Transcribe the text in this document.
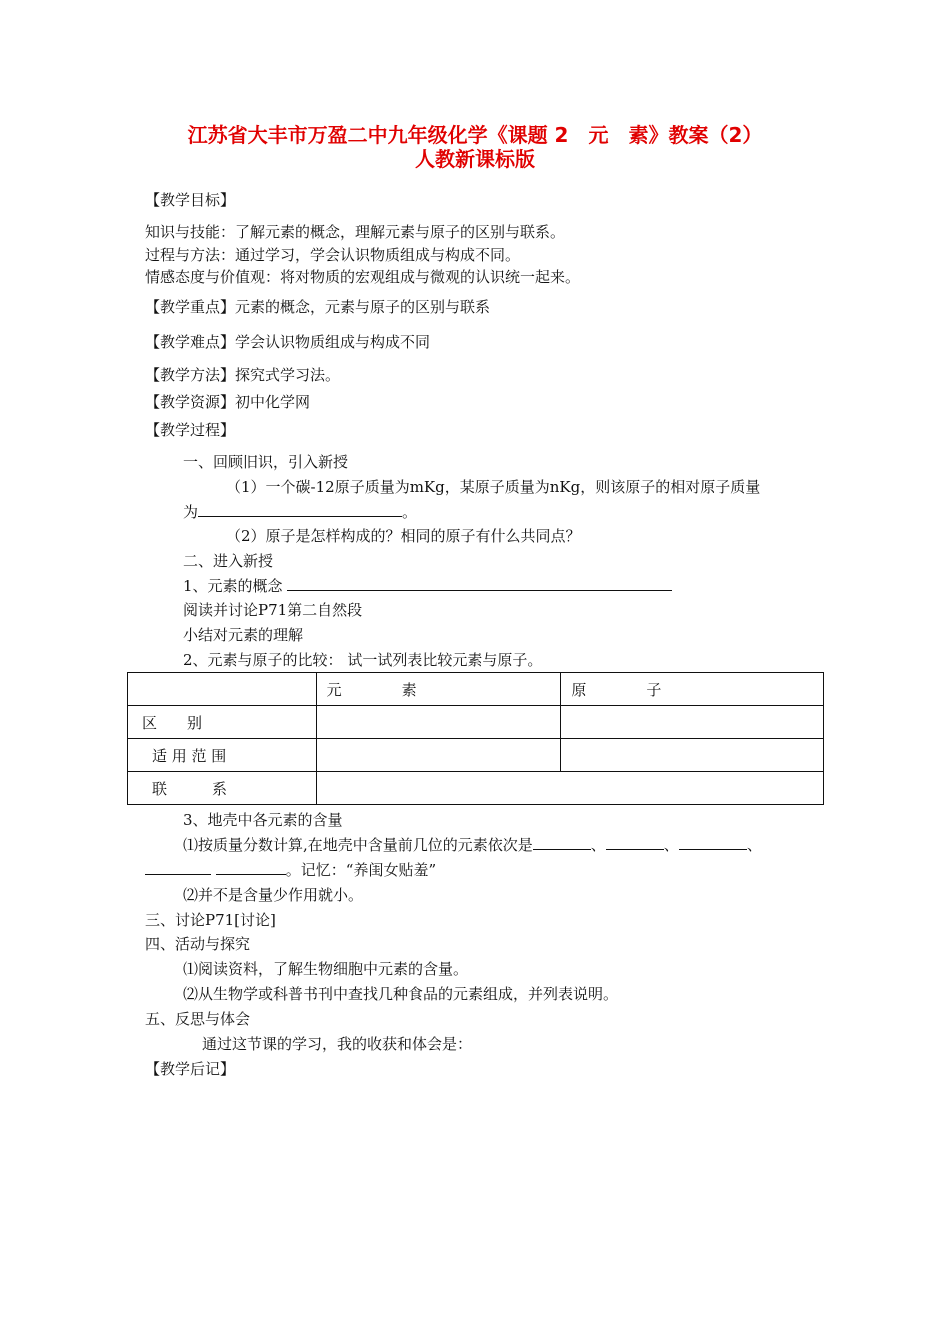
江苏省大丰市万盈二中九年级化学《课题 2　元　素》教案（2）
人教新课标版
【教学目标】
知识与技能：了解元素的概念，理解元素与原子的区别与联系。
过程与方法：通过学习，学会认识物质组成与构成不同。
情感态度与价值观：将对物质的宏观组成与微观的认识统一起来。
【教学重点】元素的概念，元素与原子的区别与联系
【教学难点】学会认识物质组成与构成不同
【教学方法】探究式学习法。
【教学资源】初中化学网
【教学过程】
一、回顾旧识，引入新授
（1）一个碳-12原子质量为mKg，某原子质量为nKg，则该原子的相对原子质量
为	。
（2）原子是怎样构成的？相同的原子有什么共同点？
二、进入新授
1、元素的概念
阅读并讨论P71第二自然段
小结对元素的理解
2、元素与原子的比较： 试一试列表比较元素与原子。
	元　　　　素	原　　　　子
区　　别		
适 用 范 围		
联　　　系		
3、地壳中各元素的含量
⑴按质量分数计算,在地壳中含量前几位的元素依次是	、	、	、
。记忆：“养闺女贴羞”
⑵并不是含量少作用就小。
三、讨论P71[讨论]
四、活动与探究
⑴阅读资料，了解生物细胞中元素的含量。
⑵从生物学或科普书刊中查找几种食品的元素组成，并列表说明。
五、反思与体会
通过这节课的学习，我的收获和体会是：
【教学后记】
